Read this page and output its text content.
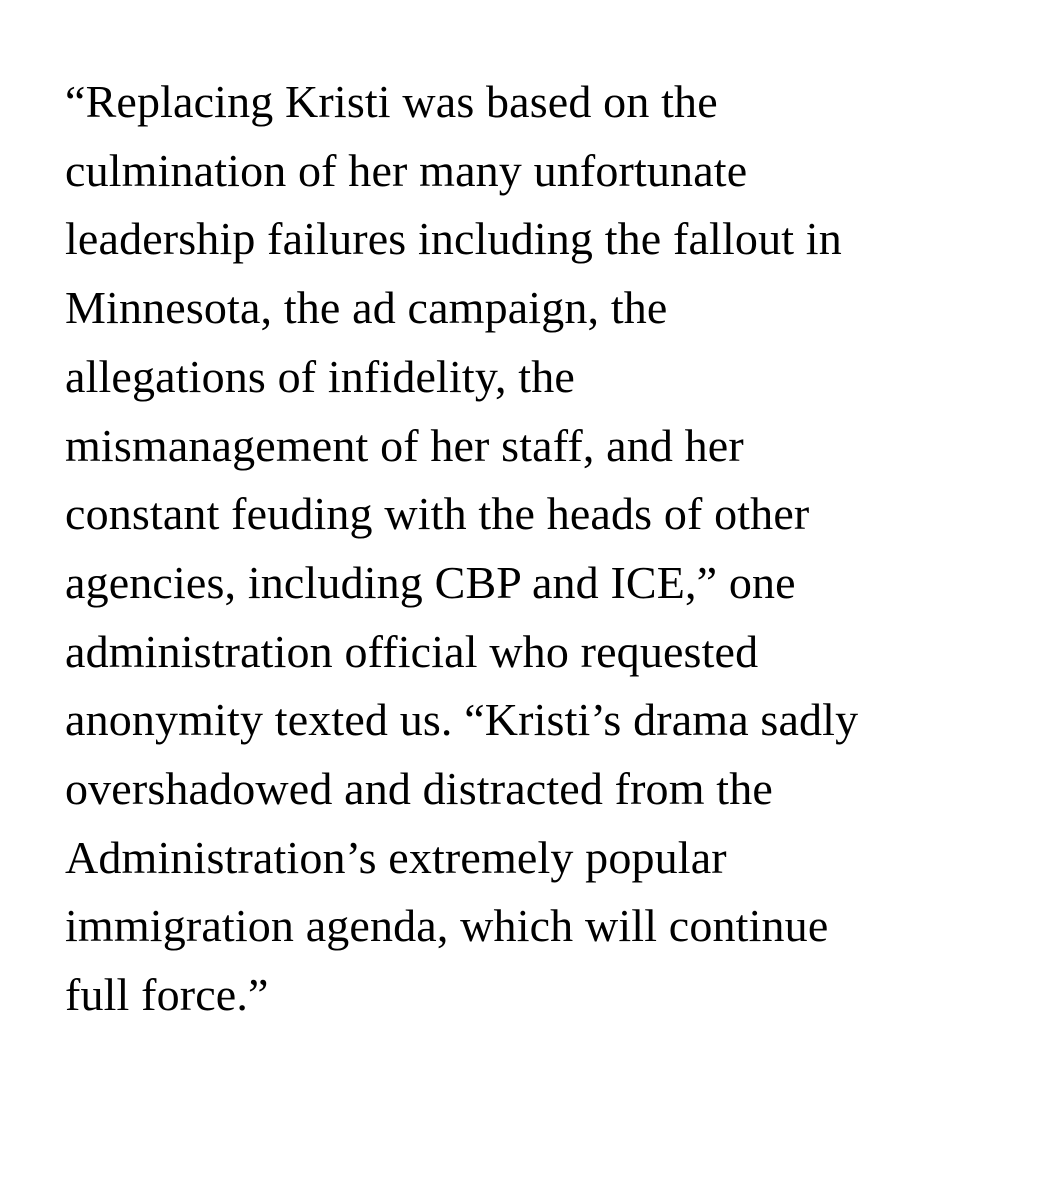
“Replacing Kristi was based on the
culmination of her many unfortunate
leadership failures including the fallout in
Minnesota, the ad campaign, the
allegations of infidelity, the
mismanagement of her staff, and her
constant feuding with the heads of other
agencies, including CBP and ICE,” one
administration official who requested
anonymity texted us. “Kristi’s drama sadly
overshadowed and distracted from the
Administration’s extremely popular
immigration agenda, which will continue
full force.”
